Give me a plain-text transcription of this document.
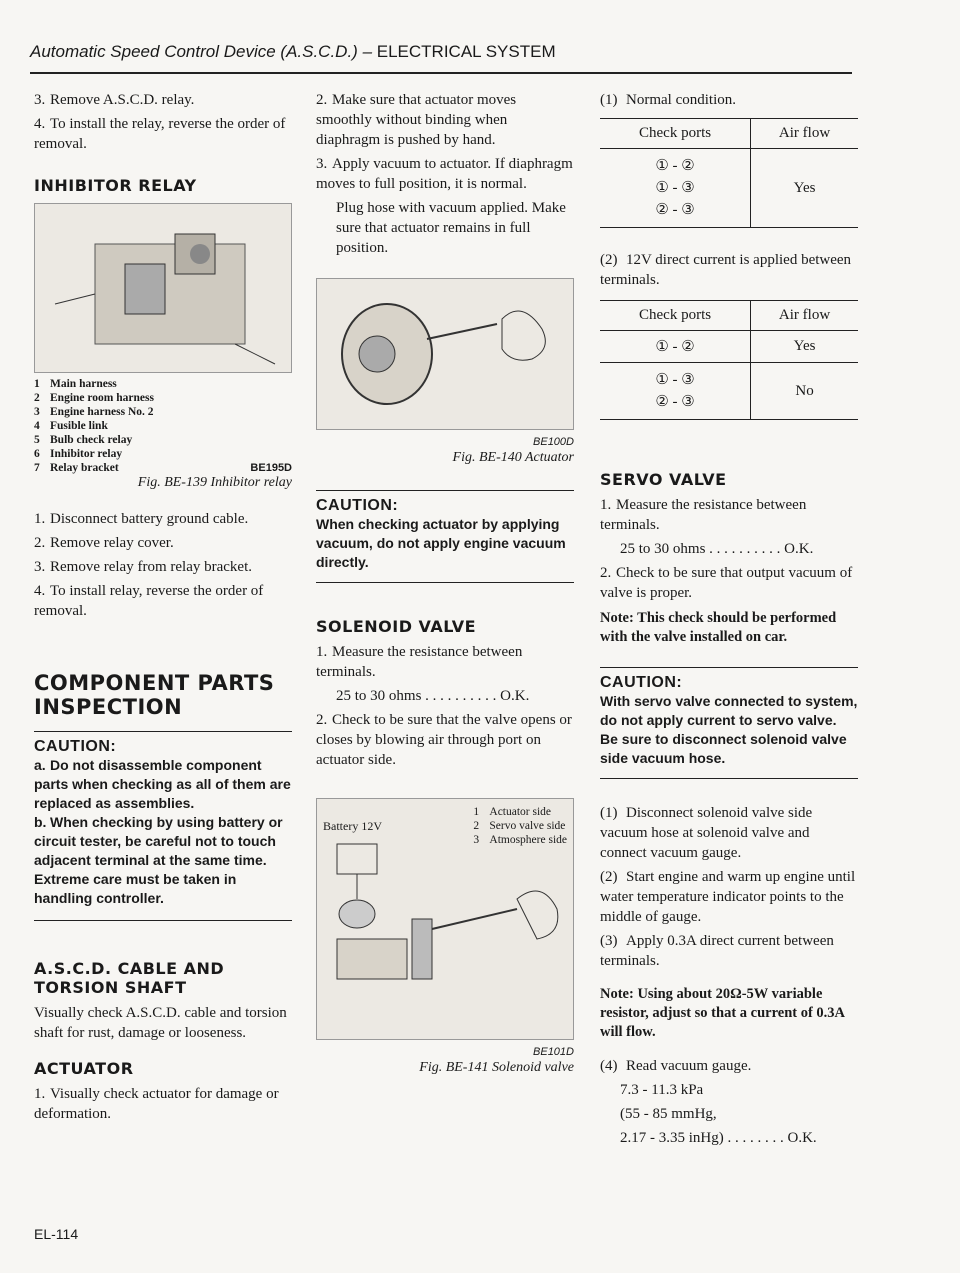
Automatic Speed Control Device (A.S.C.D.) – ELECTRICAL SYSTEM

3. Remove A.S.C.D. relay.

4. To install the relay, reverse the order of removal.

INHIBITOR RELAY
1 Main harness
2 Engine room harness
3 Engine harness No. 2
4 Fusible link
5 Bulb check relay
6 Inhibitor relay
7 Relay bracket	BE195D
Fig. BE-139 Inhibitor relay

1. Disconnect battery ground cable.

2. Remove relay cover.

3. Remove relay from relay bracket.

4. To install relay, reverse the order of removal.

COMPONENT PARTS INSPECTION
CAUTION:
a. Do not disassemble component parts when checking as all of them are replaced as assemblies.
b. When checking by using battery or circuit tester, be careful not to touch adjacent terminal at the same time. Extreme care must be taken in handling controller.
A.S.C.D. CABLE AND TORSION SHAFT

Visually check A.S.C.D. cable and torsion shaft for rust, damage or looseness.

ACTUATOR

1. Visually check actuator for damage or deformation.

2. Make sure that actuator moves smoothly without binding when diaphragm is pushed by hand.

3. Apply vacuum to actuator. If diaphragm moves to full position, it is normal.

Plug hose with vacuum applied. Make sure that actuator remains in full position.

BE100D
Fig. BE-140 Actuator
CAUTION:
When checking actuator by applying vacuum, do not apply engine vacuum directly.
SOLENOID VALVE

1. Measure the resistance between terminals.

25 to 30 ohms . . . . . . . . . . O.K.

2. Check to be sure that the valve opens or closes by blowing air through port on actuator side.

Battery 12V
1 Actuator side
2 Servo valve side
3 Atmosphere side
BE101D
Fig. BE-141 Solenoid valve

(1) Normal condition.

Check ports	Air flow

① - ②
① - ③
② - ③	Yes

(2) 12V direct current is applied between terminals.

Check ports	Air flow

① - ②	Yes

① - ③
② - ③	No
SERVO VALVE

1. Measure the resistance between terminals.

25 to 30 ohms . . . . . . . . . . O.K.

2. Check to be sure that output vacuum of valve is proper.

Note: This check should be performed with the valve installed on car.

CAUTION:
With servo valve connected to system, do not apply current to servo valve. Be sure to disconnect solenoid valve side vacuum hose.

(1) Disconnect solenoid valve side vacuum hose at solenoid valve and connect vacuum gauge.

(2) Start engine and warm up engine until water temperature indicator points to the middle of gauge.

(3) Apply 0.3A direct current between terminals.

Note: Using about 20Ω-5W variable resistor, adjust so that a current of 0.3A will flow.

(4) Read vacuum gauge.

7.3 - 11.3 kPa

(55 - 85 mmHg,

2.17 - 3.35 inHg) . . . . . . . . O.K.

EL-114
